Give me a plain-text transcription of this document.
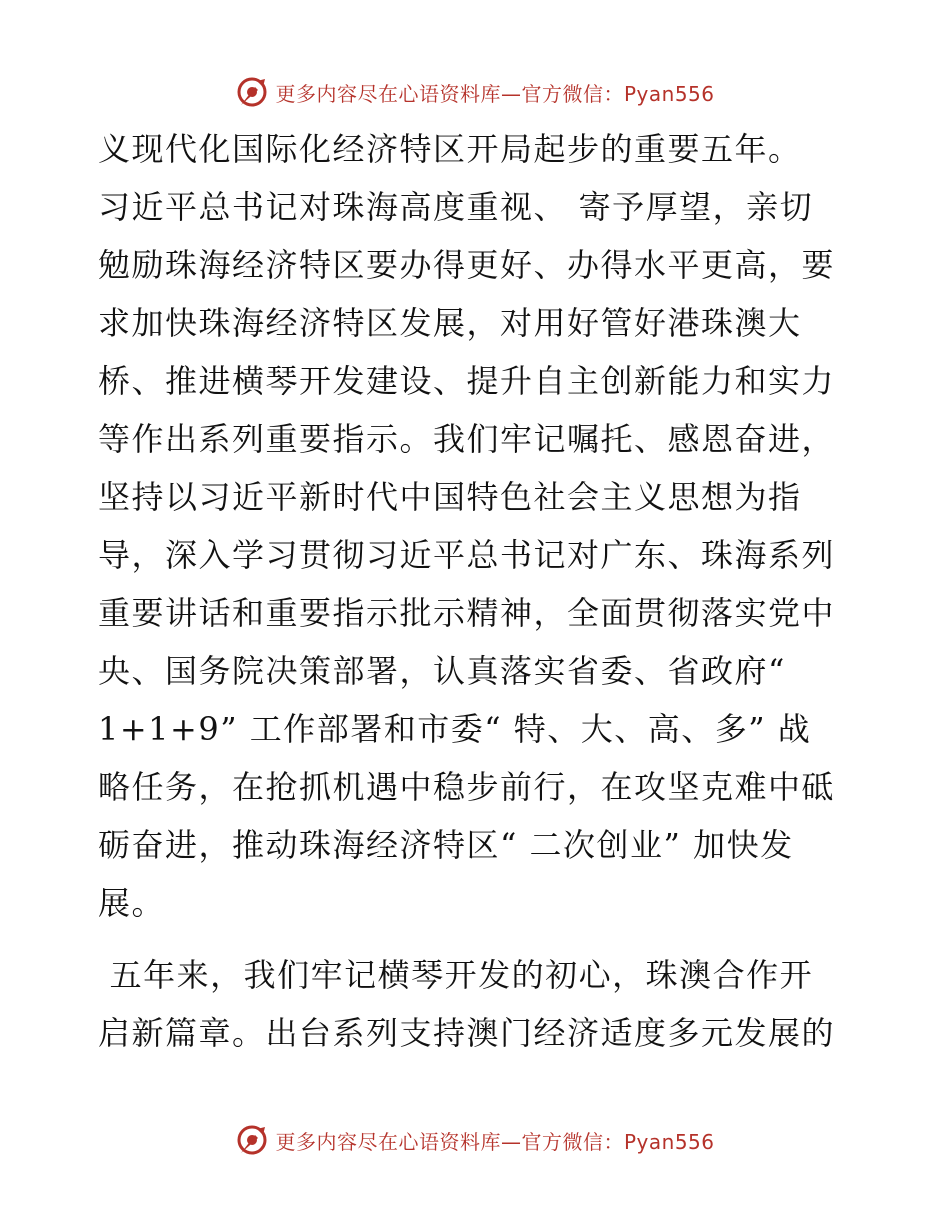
更多内容尽在心语资料库—官方微信：Pyan556
义现代化国际化经济特区开局起步的重要五年。
习近平总书记对珠海高度重视、 寄予厚望，亲切
勉励珠海经济特区要办得更好、办得水平更高，要
求加快珠海经济特区发展，对用好管好港珠澳大
桥、推进横琴开发建设、提升自主创新能力和实力
等作出系列重要指示。我们牢记嘱托、感恩奋进，
坚持以习近平新时代中国特色社会主义思想为指
导，深入学习贯彻习近平总书记对广东、珠海系列
重要讲话和重要指示批示精神，全面贯彻落实党中
央、国务院决策部署，认真落实省委、省政府“
1+1+9” 工作部署和市委“ 特、大、高、多” 战
略任务，在抢抓机遇中稳步前行，在攻坚克难中砥
砺奋进，推动珠海经济特区“ 二次创业” 加快发
展。
五年来，我们牢记横琴开发的初心，珠澳合作开
启新篇章。出台系列支持澳门经济适度多元发展的
更多内容尽在心语资料库—官方微信：Pyan556
